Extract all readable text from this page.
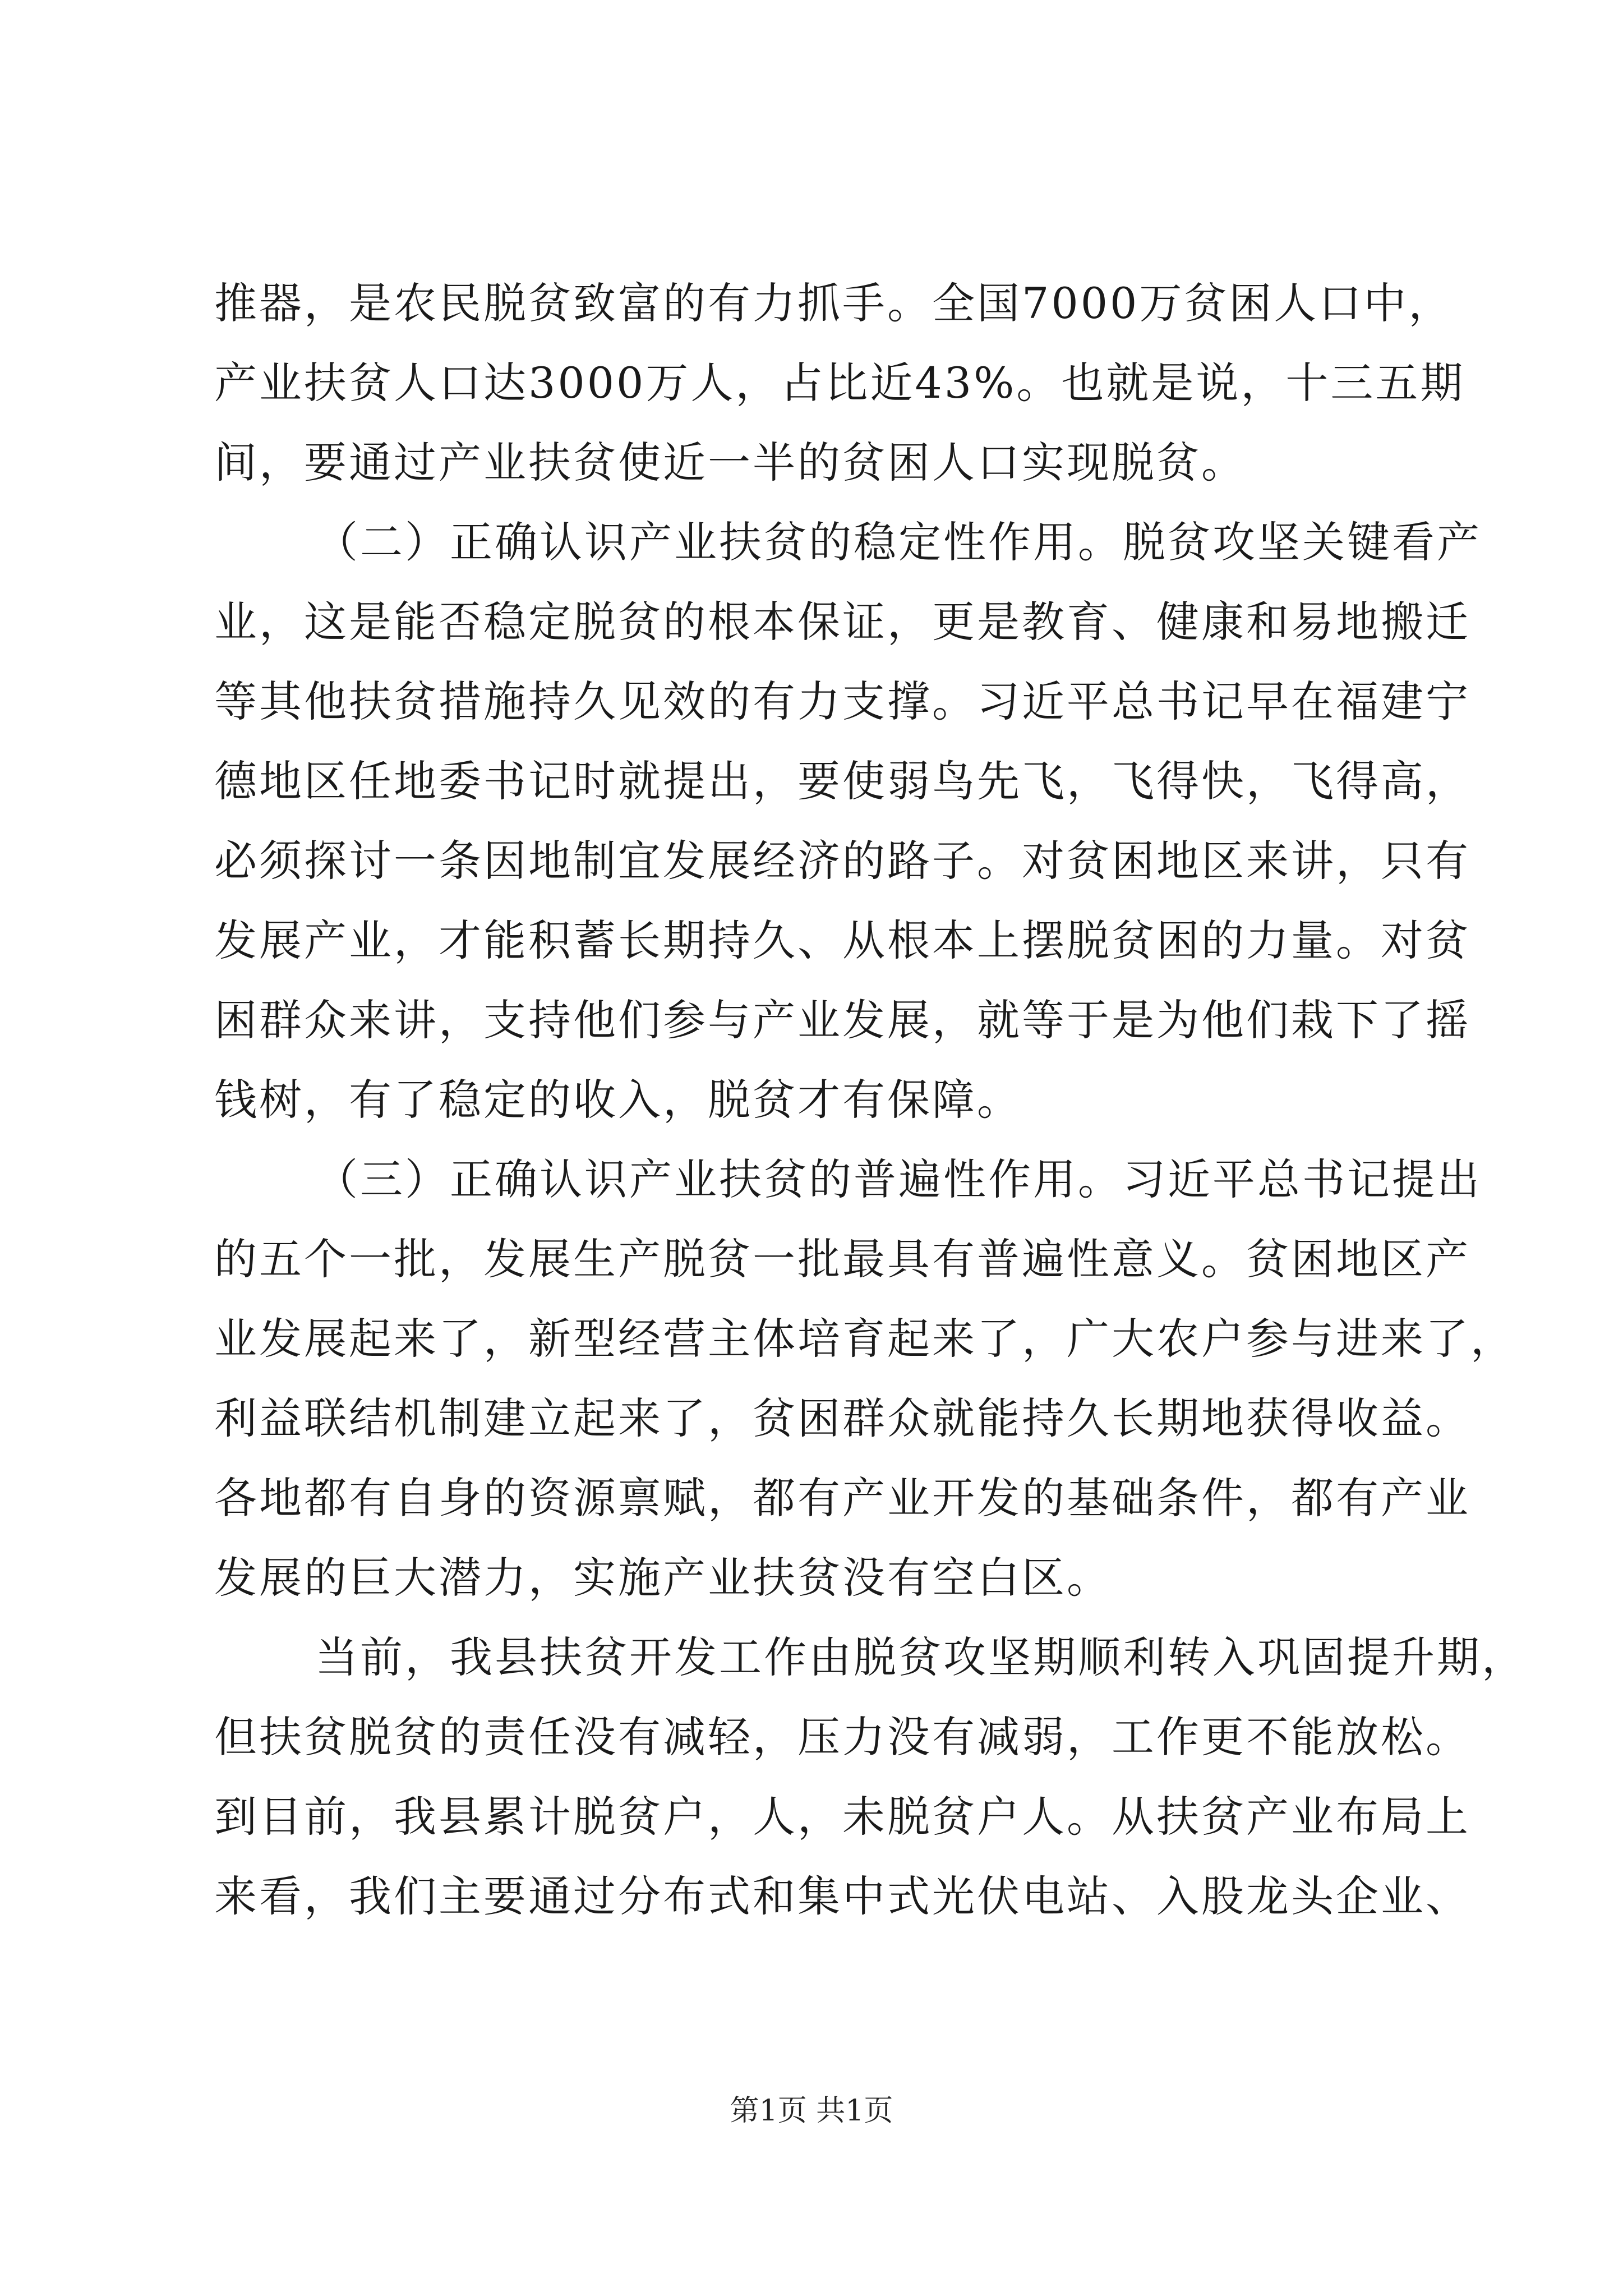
推器，是农民脱贫致富的有力抓手。全国7000万贫困人口中，
产业扶贫人口达3000万人，占比近43%。也就是说，十三五期
间，要通过产业扶贫使近一半的贫困人口实现脱贫。
（二）正确认识产业扶贫的稳定性作用。脱贫攻坚关键看产
业，这是能否稳定脱贫的根本保证，更是教育、健康和易地搬迁
等其他扶贫措施持久见效的有力支撑。习近平总书记早在福建宁
德地区任地委书记时就提出，要使弱鸟先飞，飞得快，飞得高，
必须探讨一条因地制宜发展经济的路子。对贫困地区来讲，只有
发展产业，才能积蓄长期持久、从根本上摆脱贫困的力量。对贫
困群众来讲，支持他们参与产业发展，就等于是为他们栽下了摇
钱树，有了稳定的收入，脱贫才有保障。
（三）正确认识产业扶贫的普遍性作用。习近平总书记提出
的五个一批，发展生产脱贫一批最具有普遍性意义。贫困地区产
业发展起来了，新型经营主体培育起来了，广大农户参与进来了，
利益联结机制建立起来了，贫困群众就能持久长期地获得收益。
各地都有自身的资源禀赋，都有产业开发的基础条件，都有产业
发展的巨大潜力，实施产业扶贫没有空白区。
当前，我县扶贫开发工作由脱贫攻坚期顺利转入巩固提升期，
但扶贫脱贫的责任没有减轻，压力没有减弱，工作更不能放松。
到目前，我县累计脱贫户，人，未脱贫户人。从扶贫产业布局上
来看，我们主要通过分布式和集中式光伏电站、入股龙头企业、
第1页 共1页
